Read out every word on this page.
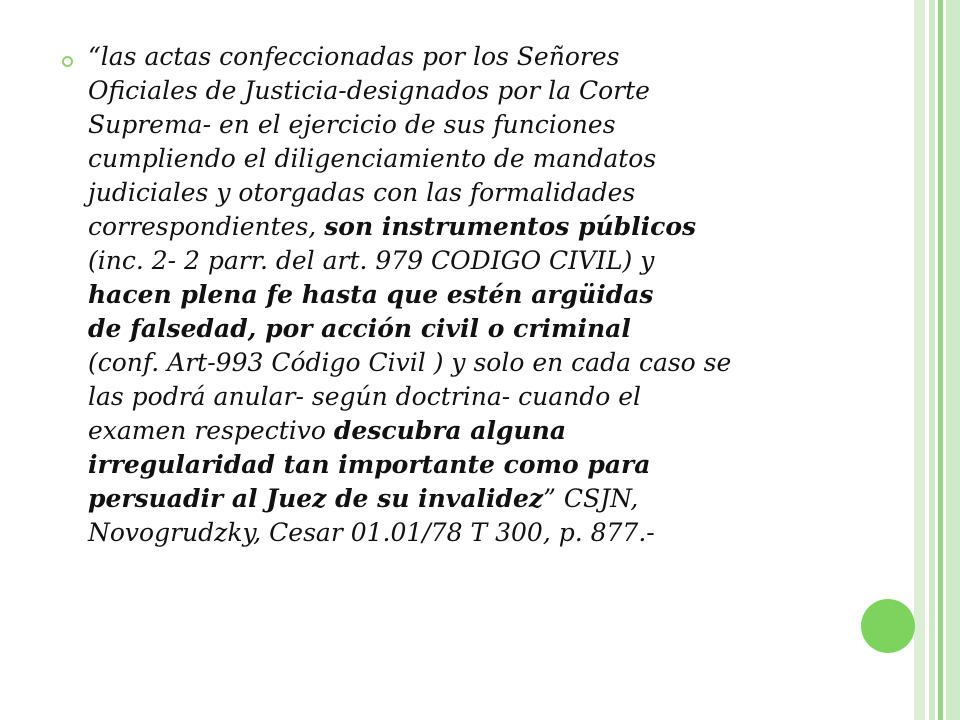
“las actas confeccionadas por los Señores
Oficiales de Justicia-designados por la Corte
Suprema- en el ejercicio de sus funciones
cumpliendo el diligenciamiento de mandatos
judiciales y otorgadas con las formalidades
correspondientes, son instrumentos públicos
(inc. 2- 2 parr. del art. 979 CODIGO CIVIL) y
hacen plena fe hasta que estén argüidas
de falsedad, por acción civil o criminal
(conf. Art-993 Código Civil ) y solo en cada caso se
las podrá anular- según doctrina- cuando el
examen respectivo descubra alguna
irregularidad tan importante como para
persuadir al Juez de su invalidez” CSJN,
Novogrudzky, Cesar 01.01/78 T 300, p. 877.-
